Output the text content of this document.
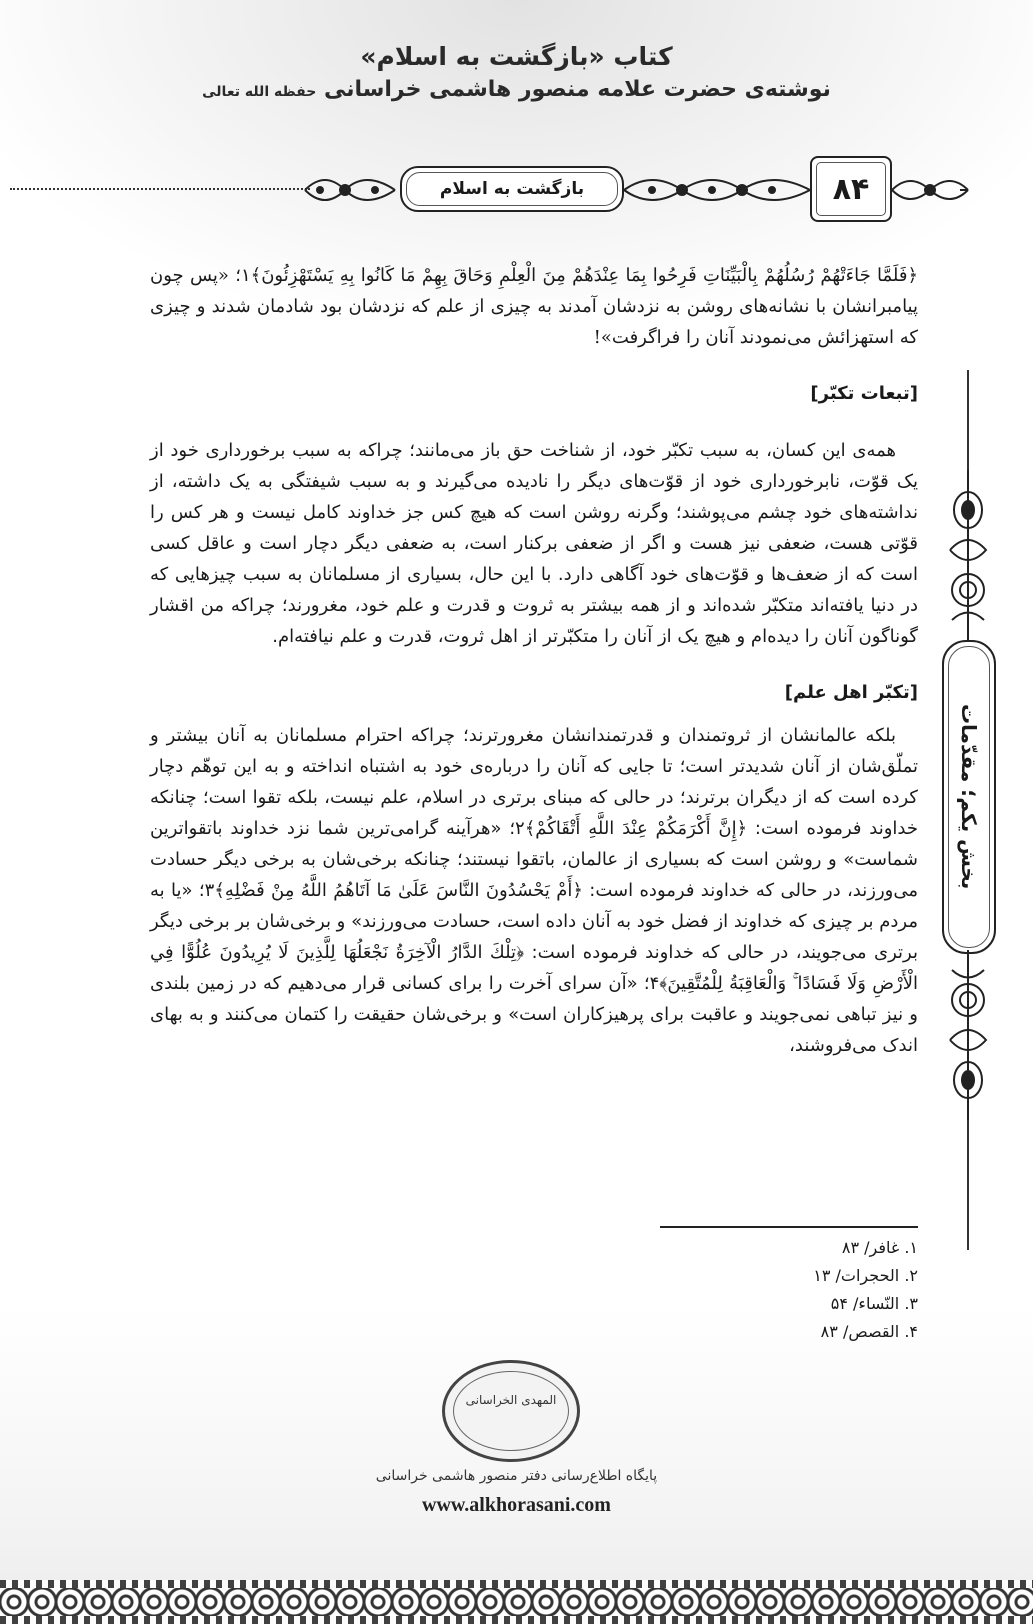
کتاب «بازگشت به اسلام»
نوشته‌ی حضرت علامه منصور هاشمی خراسانی حفظه الله تعالی
بازگشت به اسلام	۸۴
بخش یکم؛ مقدّمات

﴿فَلَمَّا جَاءَتْهُمْ رُسُلُهُمْ بِالْبَيِّنَاتِ فَرِحُوا بِمَا عِنْدَهُمْ مِنَ الْعِلْمِ وَحَاقَ بِهِمْ مَا كَانُوا بِهِ يَسْتَهْزِئُونَ﴾۱؛ «پس چون پیامبرانشان با نشانه‌های روشن به نزدشان آمدند به چیزی از علم که نزدشان بود شادمان شدند و چیزی که استهزائش می‌نمودند آنان را فراگرفت»!

[تبعات تکبّر]

همه‌ی این کسان، به سبب تکبّر خود، از شناخت حق باز می‌مانند؛ چراکه به سبب برخورداری خود از یک قوّت، نابرخورداری خود از قوّت‌های دیگر را نادیده می‌گیرند و به سبب شیفتگی به یک داشته، از نداشته‌های خود چشم می‌پوشند؛ وگرنه روشن است که هیچ کس جز خداوند کامل نیست و هر کس را قوّتی هست، ضعفی نیز هست و اگر از ضعفی برکنار است، به ضعفی دیگر دچار است و عاقل کسی است که از ضعف‌ها و قوّت‌های خود آگاهی دارد. با این حال، بسیاری از مسلمانان به سبب چیزهایی که در دنیا یافته‌اند متکبّر شده‌اند و از همه بیشتر به ثروت و قدرت و علم خود، مغرورند؛ چراکه من اقشار گوناگون آنان را دیده‌ام و هیچ یک از آنان را متکبّرتر از اهل ثروت، قدرت و علم نیافته‌ام.

[تکبّر اهل علم]

بلکه عالمانشان از ثروتمندان و قدرتمندانشان مغرورترند؛ چراکه احترام مسلمانان به آنان بیشتر و تملّق‌شان از آنان شدیدتر است؛ تا جایی که آنان را درباره‌ی خود به اشتباه انداخته و به این توهّم دچار کرده است که از دیگران برترند؛ در حالی که مبنای برتری در اسلام، علم نیست، بلکه تقوا است؛ چنانکه خداوند فرموده است: ﴿إِنَّ أَكْرَمَكُمْ عِنْدَ اللَّهِ أَتْقَاكُمْ﴾۲؛ «هرآینه گرامی‌ترین شما نزد خداوند باتقواترین شماست» و روشن است که بسیاری از عالمان، باتقوا نیستند؛ چنانکه برخی‌شان به برخی دیگر حسادت می‌ورزند، در حالی که خداوند فرموده است: ﴿أَمْ يَحْسُدُونَ النَّاسَ عَلَىٰ مَا آتَاهُمُ اللَّهُ مِنْ فَضْلِهِ﴾۳؛ «یا به مردم بر چیزی که خداوند از فضل خود به آنان داده است، حسادت می‌ورزند» و برخی‌شان بر برخی دیگر برتری می‌جویند، در حالی که خداوند فرموده است: ﴿تِلْكَ الدَّارُ الْآخِرَةُ نَجْعَلُهَا لِلَّذِينَ لَا يُرِيدُونَ عُلُوًّا فِي الْأَرْضِ وَلَا فَسَادًا ۚ وَالْعَاقِبَةُ لِلْمُتَّقِينَ﴾۴؛ «آن سرای آخرت را برای کسانی قرار می‌دهیم که در زمین بلندی و نیز تباهی نمی‌جویند و عاقبت برای پرهیزکاران است» و برخی‌شان حقیقت را کتمان می‌کنند و به بهای اندک می‌فروشند،

۱. غافر/ ۸۳
۲. الحجرات/ ۱۳
۳. النّساء/ ۵۴
۴. القصص/ ۸۳
المهدی الخراسانی
پایگاه اطلاع‌رسانی دفتر منصور هاشمی خراسانی
www.alkhorasani.com
